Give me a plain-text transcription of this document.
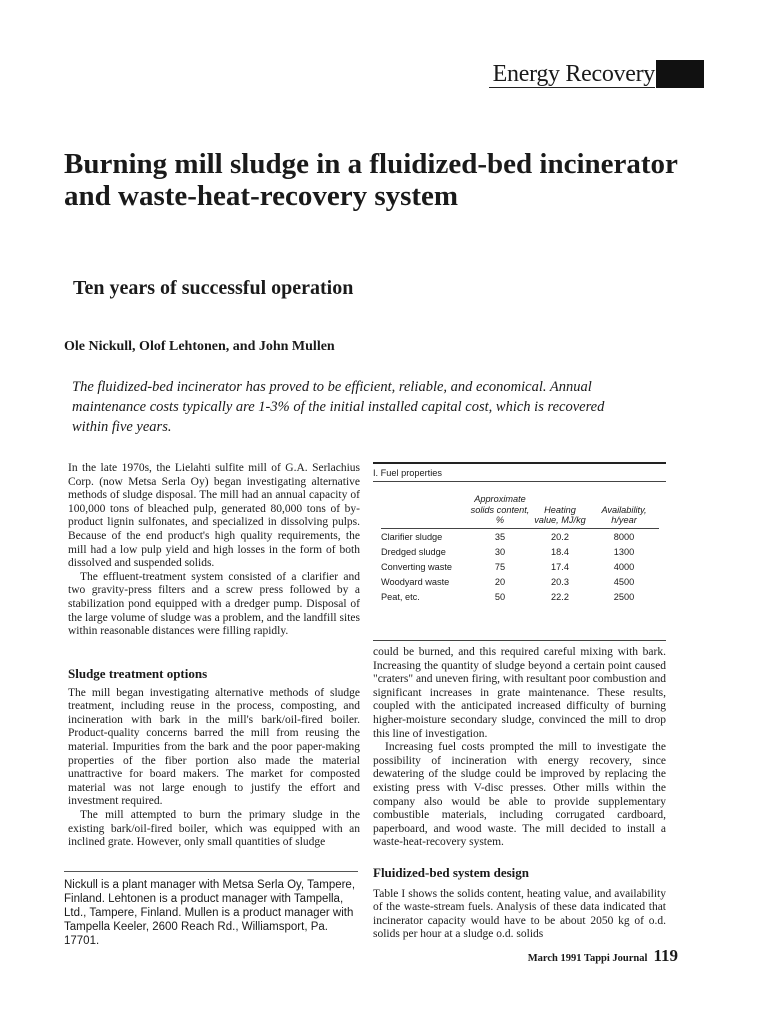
Energy Recovery
Burning mill sludge in a fluidized-bed incinerator and waste-heat-recovery system
Ten years of successful operation
Ole Nickull, Olof Lehtonen, and John Mullen
The fluidized-bed incinerator has proved to be efficient, reliable, and economical. Annual maintenance costs typically are 1-3% of the initial installed capital cost, which is recovered within five years.

In the late 1970s, the Lielahti sulfite mill of G.A. Serlachius Corp. (now Metsa Serla Oy) began investigating alternative methods of sludge disposal. The mill had an annual capacity of 100,000 tons of bleached pulp, generated 80,000 tons of by-product lignin sulfonates, and specialized in dissolving pulps. Because of the end product's high quality requirements, the mill had a low pulp yield and high losses in the form of both dissolved and suspended solids.

The effluent-treatment system consisted of a clarifier and two gravity-press filters and a screw press followed by a stabilization pond equipped with a dredger pump. Disposal of the large volume of sludge was a problem, and the landfill sites within reasonable distances were filling rapidly.

Sludge treatment options

The mill began investigating alternative methods of sludge treatment, including reuse in the process, composting, and incineration with bark in the mill's bark/oil-fired boiler. Product-quality concerns barred the mill from reusing the material. Impurities from the bark and the poor paper-making properties of the fiber portion also made the material unattractive for board makers. The market for composted material was not large enough to justify the effort and investment required.

The mill attempted to burn the primary sludge in the existing bark/oil-fired boiler, which was equipped with an inclined grate. However, only small quantities of sludge

Nickull is a plant manager with Metsa Serla Oy, Tampere, Finland. Lehtonen is a product manager with Tampella, Ltd., Tampere, Finland. Mullen is a product manager with Tampella Keeler, 2600 Reach Rd., Williamsport, Pa. 17701.
I. Fuel properties
	Approximate solids content, %	Heating value, MJ/kg	Availability, h/year
Clarifier sludge	35	20.2	8000
Dredged sludge	30	18.4	1300
Converting waste	75	17.4	4000
Woodyard waste	20	20.3	4500
Peat, etc.	50	22.2	2500

could be burned, and this required careful mixing with bark. Increasing the quantity of sludge beyond a certain point caused "craters" and uneven firing, with resultant poor combustion and significant increases in grate maintenance. These results, coupled with the anticipated increased difficulty of burning higher-moisture secondary sludge, convinced the mill to drop this line of investigation.

Increasing fuel costs prompted the mill to investigate the possibility of incineration with energy recovery, since dewatering of the sludge could be improved by replacing the existing press with V-disc presses. Other mills within the company also would be able to provide supplementary combustible materials, including corrugated cardboard, paperboard, and wood waste. The mill decided to install a waste-heat-recovery system.

Fluidized-bed system design

Table I shows the solids content, heating value, and availability of the waste-stream fuels. Analysis of these data indicated that incinerator capacity would have to be about 2050 kg of o.d. solids per hour at a sludge o.d. solids

March 1991 Tappi Journal 119
